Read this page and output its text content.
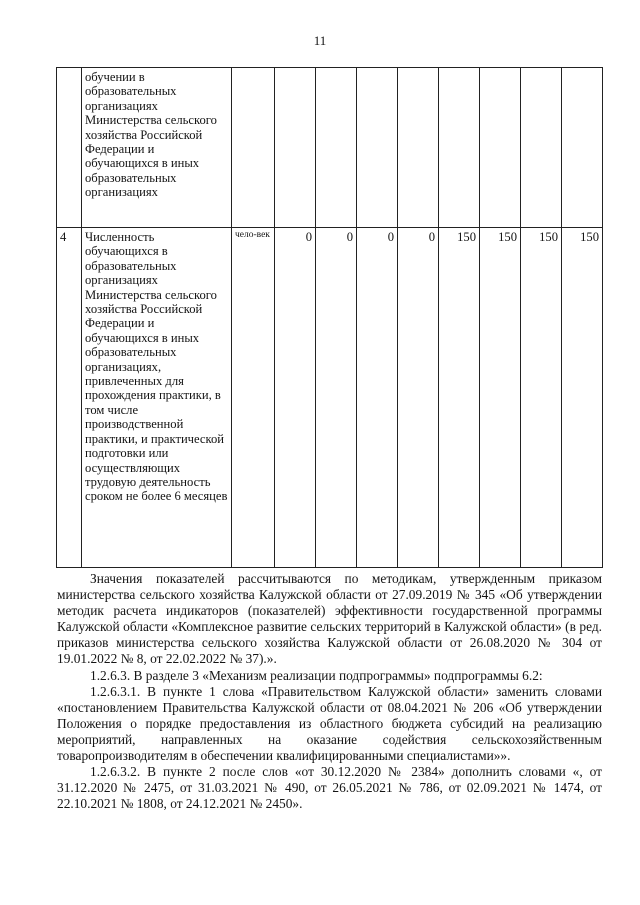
11
	обучении в образовательных организациях Министерства сельского хозяйства Российской Федерации и обучающихся в иных образовательных организациях									
4	Численность обучающихся в образовательных организациях Министерства сельского хозяйства Российской Федерации и обучающихся в иных образовательных организациях, привлеченных для прохождения практики, в том числе производственной практики, и практической подготовки или осуществляющих трудовую деятельность сроком не более 6 месяцев	чело-век	0	0	0	0	150	150	150	150

Значения показателей рассчитываются по методикам, утвержденным приказом министерства сельского хозяйства Калужской области от 27.09.2019 № 345 «Об утверждении методик расчета индикаторов (показателей) эффективности государственной программы Калужской области «Комплексное развитие сельских территорий в Калужской области» (в ред. приказов министерства сельского хозяйства Калужской области от 26.08.2020 № 304 от 19.01.2022 № 8, от 22.02.2022 № 37).».

1.2.6.3. В разделе 3 «Механизм реализации подпрограммы» подпрограммы 6.2:

1.2.6.3.1. В пункте 1 слова «Правительством Калужской области» заменить словами «постановлением Правительства Калужской области от 08.04.2021 № 206 «Об утверждении Положения о порядке предоставления из областного бюджета субсидий на реализацию мероприятий, направленных на оказание содействия сельскохозяйственным товаропроизводителям в обеспечении квалифицированными специалистами»».

1.2.6.3.2. В пункте 2 после слов «от 30.12.2020 № 2384» дополнить словами «, от 31.12.2020 № 2475, от 31.03.2021 № 490, от 26.05.2021 № 786, от 02.09.2021 № 1474, от 22.10.2021 № 1808, от 24.12.2021 № 2450».
